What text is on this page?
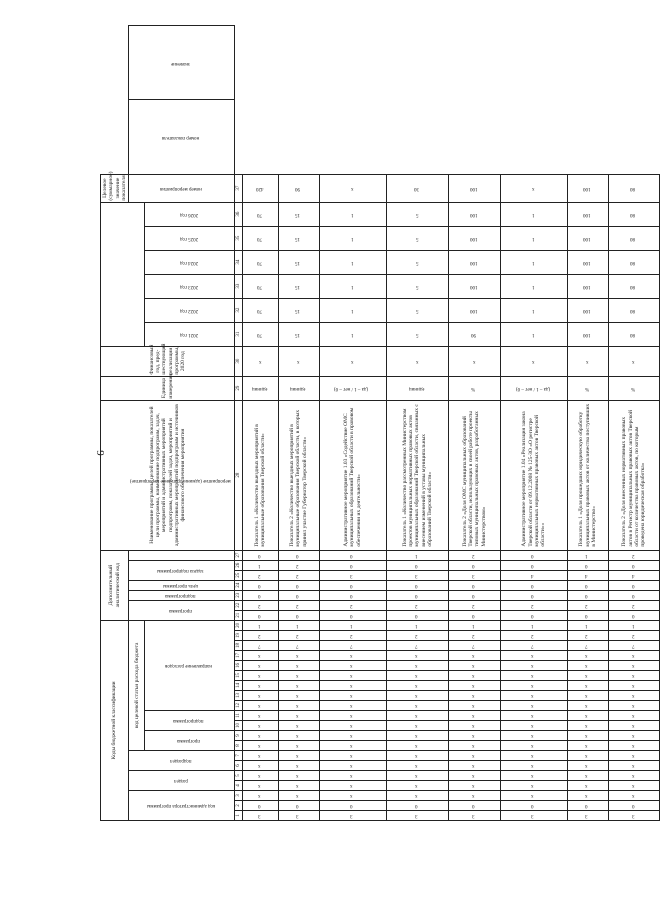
9
Коды бюджетной классификации																				Дополнительный аналитический код							Наименование программы, целей программы, показателей цели программы, наименование подпрограмм, задач, мероприятий и административных мероприятий подпрограмм, показателей задач, мероприятий и административных мероприятий подпрограмм и источников финансового обеспечения мероприятия	Единица измерения	Финансовый год, пред-шествующий реализации программы, 2020 год							Целевое (суммарное) значение показателя		
код администратора программы			раздел		подраздел		код целевой статьи расхода бюджета													программа		подпрограмма	цель программы	задача подпрограммы		мероприятие (административное мероприятие)										номер мероприятия	номер показателя	значение
							программа		подпрограмма		направление расходов																			2021 год	2022 год	2023 год	2024 год	2025 год	2026 год			
1	2	3	4	5	6	7	8	9	10	11	12	13	14	15	16	17	18	19	20	21	22	23	24	25	26	27	28	29	30	31	32	33	34	35	36	37		
3	0	х	х	х	х	х	х	х	х	х	х	х	х	х	х	х	7	2	1	0	2	0	0	2	1	0	Показатель 1 «Количество выездных мероприятий в муниципальные образования Тверской области»	единиц	х	70	70	70	70	70	70	420		
3	0	х	х	х	х	х	х	х	х	х	х	х	х	х	х	х	7	2	1	0	2	0	0	2	2	0	Показатель 2 «Количество выездных мероприятий в муниципальные образования Тверской области, в которых принял участие Губернатор Тверской области»	единиц	х	15	15	15	15	15	15	90		
3	0	х	х	х	х	х	х	х	х	х	х	х	х	х	х	х	7	2	1	0	2	0	0	3	0	0	Административное мероприятие 1.03 «Содействие ОМС муниципальных образований Тверской области в правовом обеспечении их деятельности»	(да – 1 / нет – 0)	х	1	1	1	1	1	1	х		
3	0	х	х	х	х	х	х	х	х	х	х	х	х	х	х	х	7	2	1	0	2	0	0	3	0	1	Показатель 1 «Количество рассмотренных Министерством проектов муниципальных нормативных правовых актов муниципальных образований Тверской области, связанных с внесением изменений в уставы муниципальных образований Тверской области»	единиц	х	5	5	5	5	5	5	30		
3	0	х	х	х	х	х	х	х	х	х	х	х	х	х	х	х	7	2	1	0	2	0	0	3	0	2	Показатель 2 «Доля ОМС муниципальных образований Тверской области, использующих в своей работе проекты типовых муниципальных правовых актов, разработанных Министерством»	%	х	90	100	100	100	100	100	100		
3	0	х	х	х	х	х	х	х	х	х	х	х	х	х	х	х	7	2	1	0	2	0	0	4	0	0	Административное мероприятие 1.04 «Реализация закона Тверской области от 09.12.2008 № 125-ЗО «О регистре муниципальных нормативных правовых актов Тверской области»»	(да – 1 / нет – 0)	х	1	1	1	1	1	1	х		
3	0	х	х	х	х	х	х	х	х	х	х	х	х	х	х	х	7	2	1	0	2	0	0	4	0	1	Показатель 1 «Доля прошедших юридическую обработку муниципальных правовых актов от количества поступивших в Министерство»	%	х	100	100	100	100	100	100	100		
3	0	х	х	х	х	х	х	х	х	х	х	х	х	х	х	х	7	2	1	0	2	0	0	4	0	2	Показатель 2 «Доля внесенных нормативных правовых актов в Регистр муниципальных правовых актов Тверской области от количества правовых актов, по которым проведена юридическая обработка»	%	х	80	80	80	80	80	80	80		
